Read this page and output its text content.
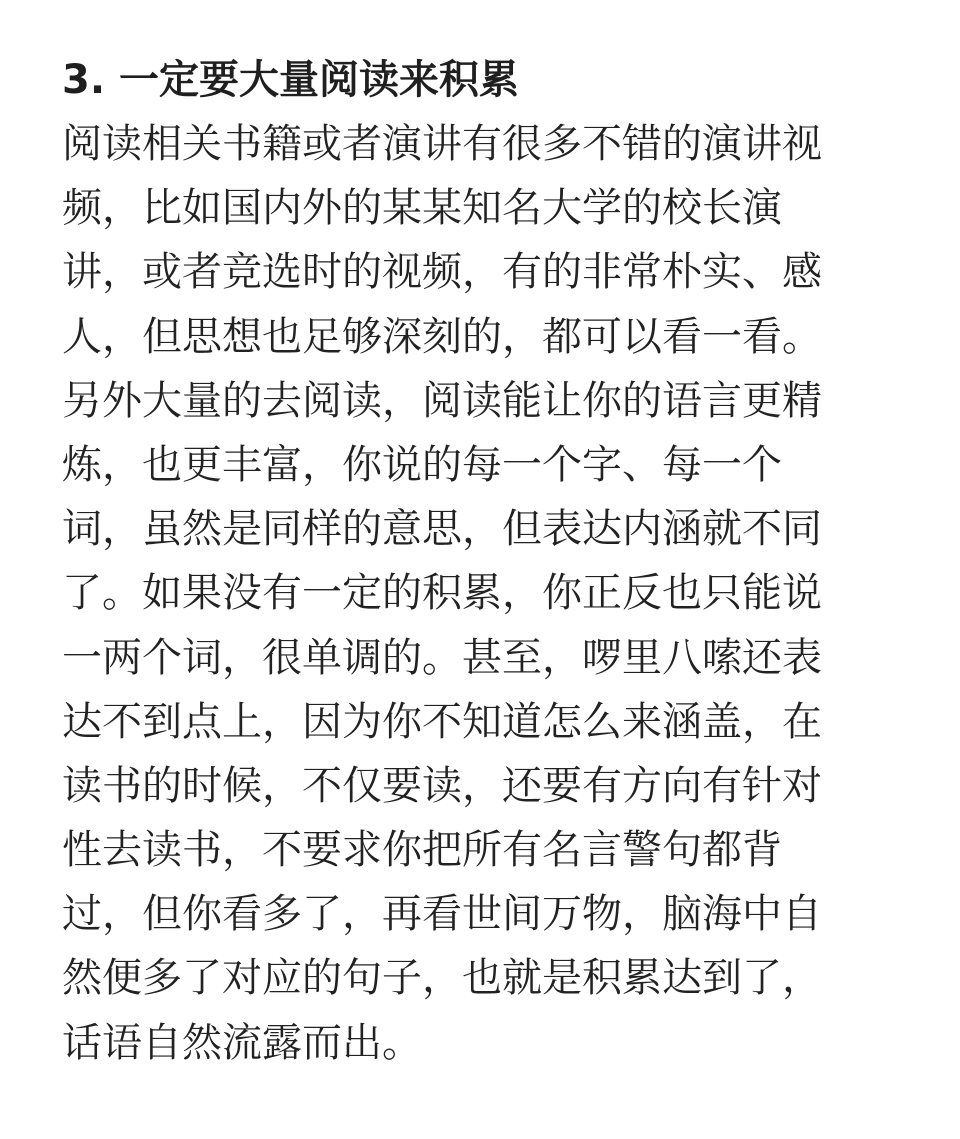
3. 一定要大量阅读来积累
阅读相关书籍或者演讲有很多不错的演讲视
频，比如国内外的某某知名大学的校长演
讲，或者竞选时的视频，有的非常朴实、感
人，但思想也足够深刻的，都可以看一看。
另外大量的去阅读，阅读能让你的语言更精
炼，也更丰富，你说的每一个字、每一个
词，虽然是同样的意思，但表达内涵就不同
了。如果没有一定的积累，你正反也只能说
一两个词，很单调的。甚至，啰里八嗦还表
达不到点上，因为你不知道怎么来涵盖，在
读书的时候，不仅要读，还要有方向有针对
性去读书，不要求你把所有名言警句都背
过，但你看多了，再看世间万物，脑海中自
然便多了对应的句子，也就是积累达到了，
话语自然流露而出。
